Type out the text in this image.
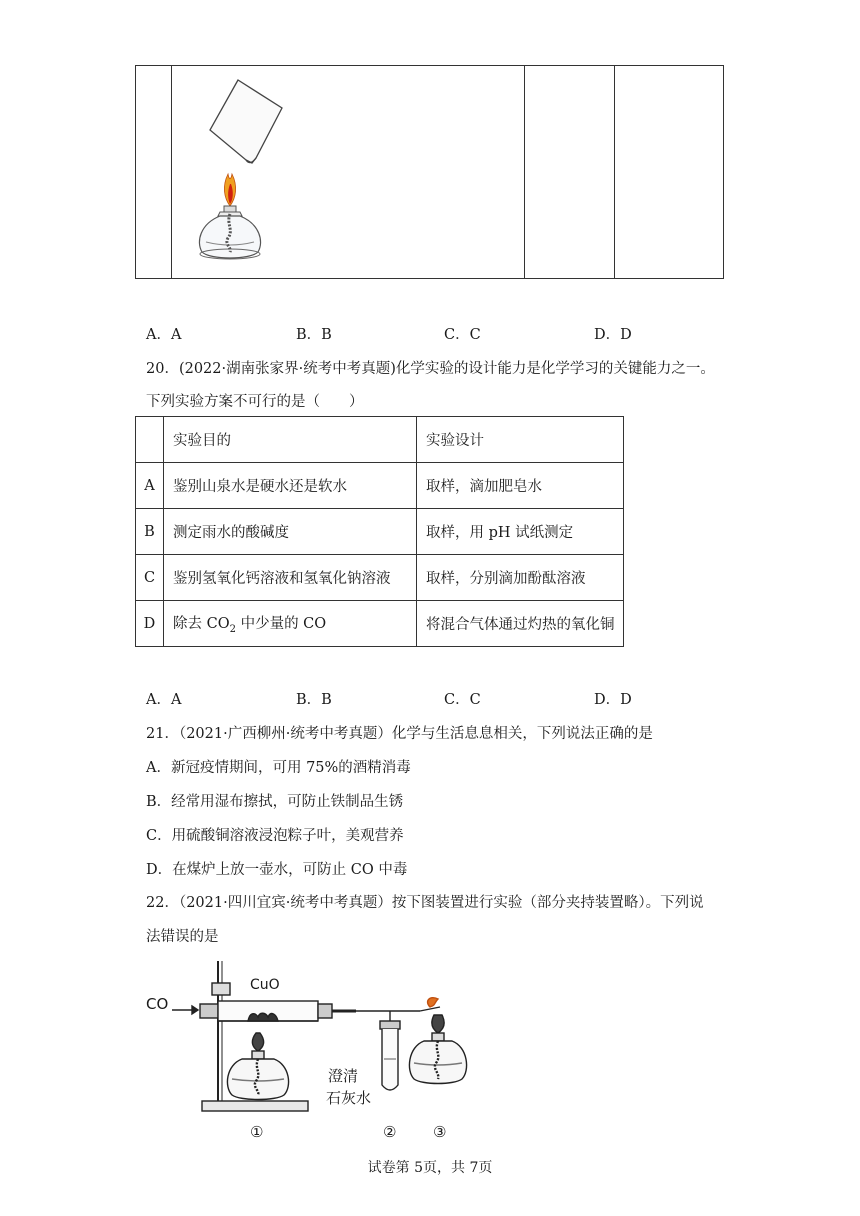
A．A	B．B	C．C	D．D
20．(2022·湖南张家界·统考中考真题)化学实验的设计能力是化学学习的关键能力之一。
下列实验方案不可行的是（　　）
	实验目的	实验设计
A	鉴别山泉水是硬水还是软水	取样，滴加肥皂水
B	测定雨水的酸碱度	取样，用 pH 试纸测定
C	鉴别氢氧化钙溶液和氢氧化钠溶液	取样，分别滴加酚酞溶液
D	除去 $CO_2$ 中少量的 CO	将混合气体通过灼热的氧化铜
A．A	B．B	C．C	D．D
21．（2021·广西柳州·统考中考真题）化学与生活息息相关，下列说法正确的是
A．新冠疫情期间，可用 75%的酒精消毒
B．经常用湿布擦拭，可防止铁制品生锈
C．用硫酸铜溶液浸泡粽子叶，美观营养
D．在煤炉上放一壶水，可防止 CO 中毒
22．（2021·四川宜宾·统考中考真题）按下图装置进行实验（部分夹持装置略）。下列说
法错误的是
CO
CuO
澄清
石灰水
①	② ③
试卷第 5页，共 7页
